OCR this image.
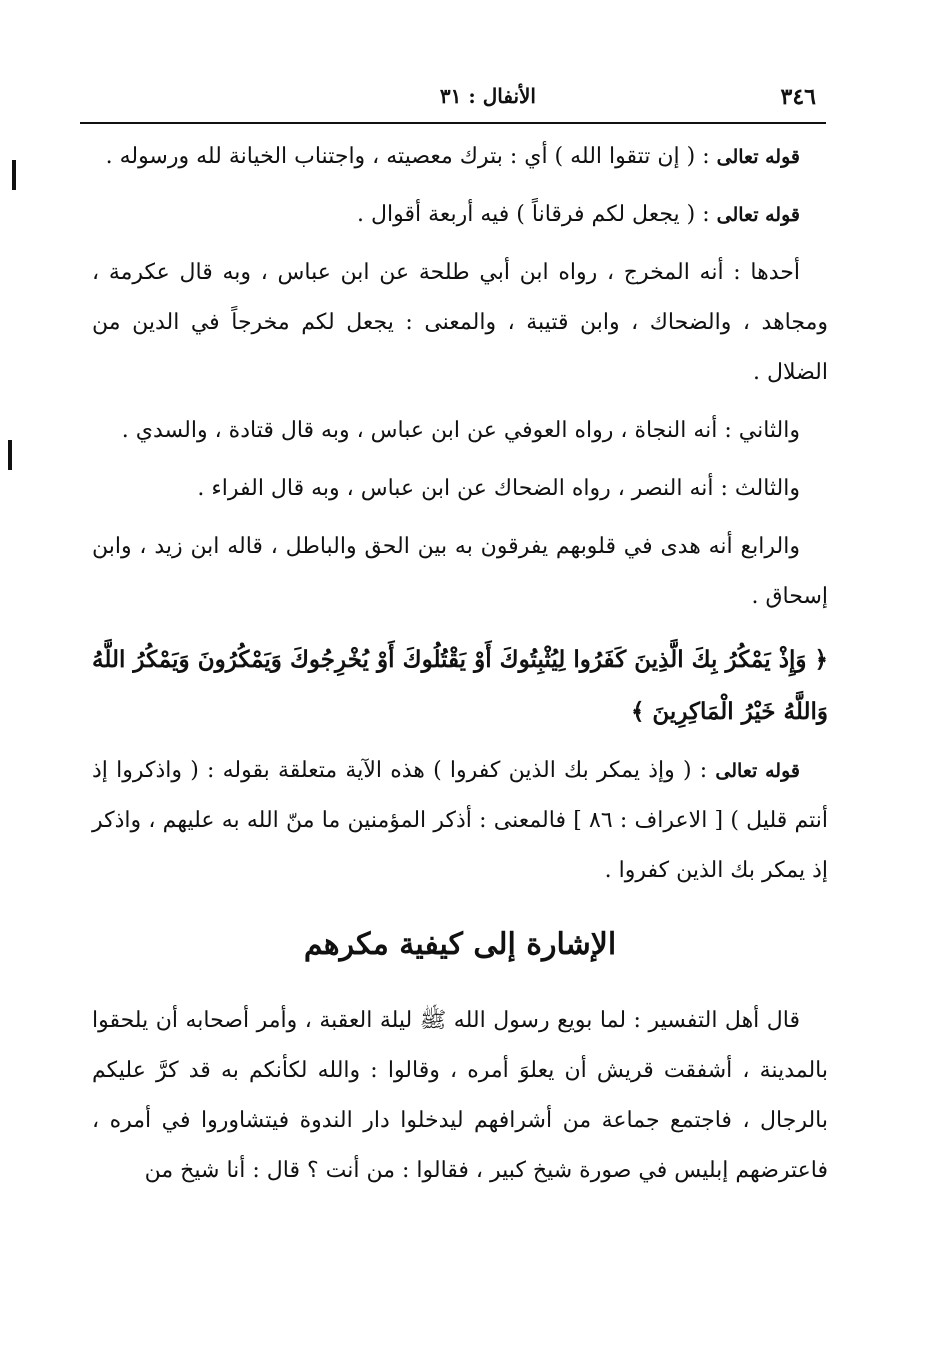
٣٤٦
الأنفال : ٣١

قوله تعالى : ( إن تتقوا الله ) أي : بترك معصيته ، واجتناب الخيانة لله ورسوله .

قوله تعالى : ( يجعل لكم فرقاناً ) فيه أربعة أقوال .

أحدها : أنه المخرج ، رواه ابن أبي طلحة عن ابن عباس ، وبه قال عكرمة ، ومجاهد ، والضحاك ، وابن قتيبة ، والمعنى : يجعل لكم مخرجاً في الدين من الضلال .

والثاني : أنه النجاة ، رواه العوفي عن ابن عباس ، وبه قال قتادة ، والسدي .

والثالث : أنه النصر ، رواه الضحاك عن ابن عباس ، وبه قال الفراء .

والرابع أنه هدى في قلوبهم يفرقون به بين الحق والباطل ، قاله ابن زيد ، وابن إسحاق .

﴿ وَإِذْ يَمْكُرُ بِكَ الَّذِينَ كَفَرُوا لِيُثْبِتُوكَ أَوْ يَقْتُلُوكَ أَوْ يُخْرِجُوكَ وَيَمْكُرُونَ وَيَمْكُرُ اللَّهُ وَاللَّهُ خَيْرُ الْمَاكِرِينَ ﴾

قوله تعالى : ( وإذ يمكر بك الذين كفروا ) هذه الآية متعلقة بقوله : ( واذكروا إذ أنتم قليل ) [ الاعراف : ٨٦ ] فالمعنى : أذكر المؤمنين ما منّ الله به عليهم ، واذكر إذ يمكر بك الذين كفروا .

الإشارة إلى كيفية مكرهم

قال أهل التفسير : لما بويع رسول الله ﷺ ليلة العقبة ، وأمر أصحابه أن يلحقوا بالمدينة ، أشفقت قريش أن يعلوَ أمره ، وقالوا : والله لكأنكم به قد كرَّ عليكم بالرجال ، فاجتمع جماعة من أشرافهم ليدخلوا دار الندوة فيتشاوروا في أمره ، فاعترضهم إبليس في صورة شيخ كبير ، فقالوا : من أنت ؟ قال : أنا شيخ من
